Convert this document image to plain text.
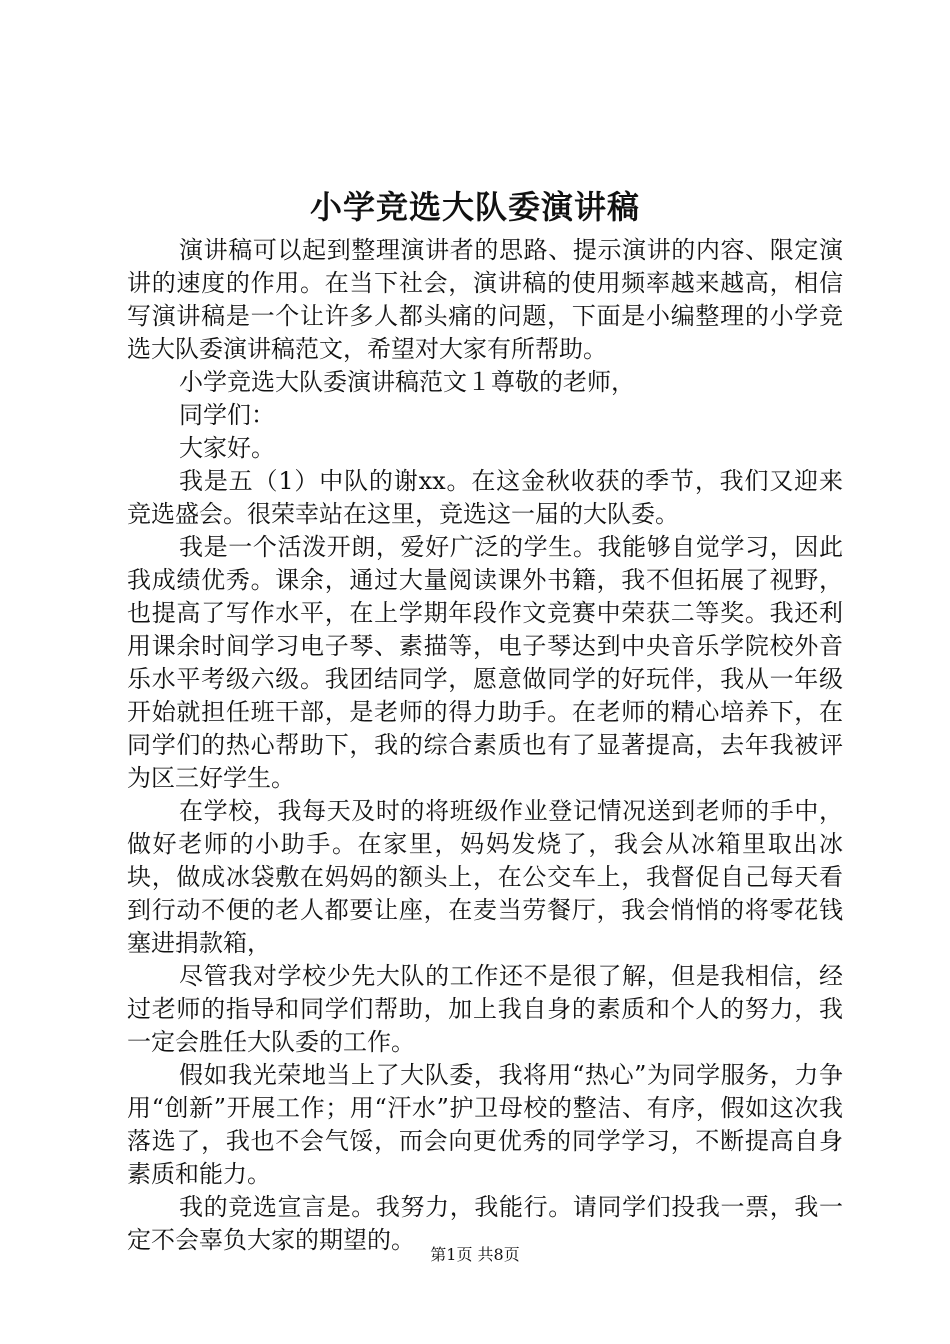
小学竞选大队委演讲稿

演讲稿可以起到整理演讲者的思路、提示演讲的内容、限定演讲的速度的作用。在当下社会，演讲稿的使用频率越来越高，相信写演讲稿是一个让许多人都头痛的问题，下面是小编整理的小学竞选大队委演讲稿范文，希望对大家有所帮助。

小学竞选大队委演讲稿范文１尊敬的老师，

同学们：

大家好。

我是五（1）中队的谢xx。在这金秋收获的季节，我们又迎来竞选盛会。很荣幸站在这里，竞选这一届的大队委。

我是一个活泼开朗，爱好广泛的学生。我能够自觉学习，因此我成绩优秀。课余，通过大量阅读课外书籍，我不但拓展了视野，也提高了写作水平，在上学期年段作文竞赛中荣获二等奖。我还利用课余时间学习电子琴、素描等，电子琴达到中央音乐学院校外音乐水平考级六级。我团结同学，愿意做同学的好玩伴，我从一年级开始就担任班干部，是老师的得力助手。在老师的精心培养下，在同学们的热心帮助下，我的综合素质也有了显著提高，去年我被评为区三好学生。

在学校，我每天及时的将班级作业登记情况送到老师的手中，做好老师的小助手。在家里，妈妈发烧了，我会从冰箱里取出冰块，做成冰袋敷在妈妈的额头上，在公交车上，我督促自己每天看到行动不便的老人都要让座，在麦当劳餐厅，我会悄悄的将零花钱塞进捐款箱，

尽管我对学校少先大队的工作还不是很了解，但是我相信，经过老师的指导和同学们帮助，加上我自身的素质和个人的努力，我一定会胜任大队委的工作。

假如我光荣地当上了大队委，我将用“热心”为同学服务，力争用“创新”开展工作；用“汗水”护卫母校的整洁、有序，假如这次我落选了，我也不会气馁，而会向更优秀的同学学习，不断提高自身素质和能力。

我的竞选宣言是。我努力，我能行。请同学们投我一票，我一定不会辜负大家的期望的。

第1页 共8页
